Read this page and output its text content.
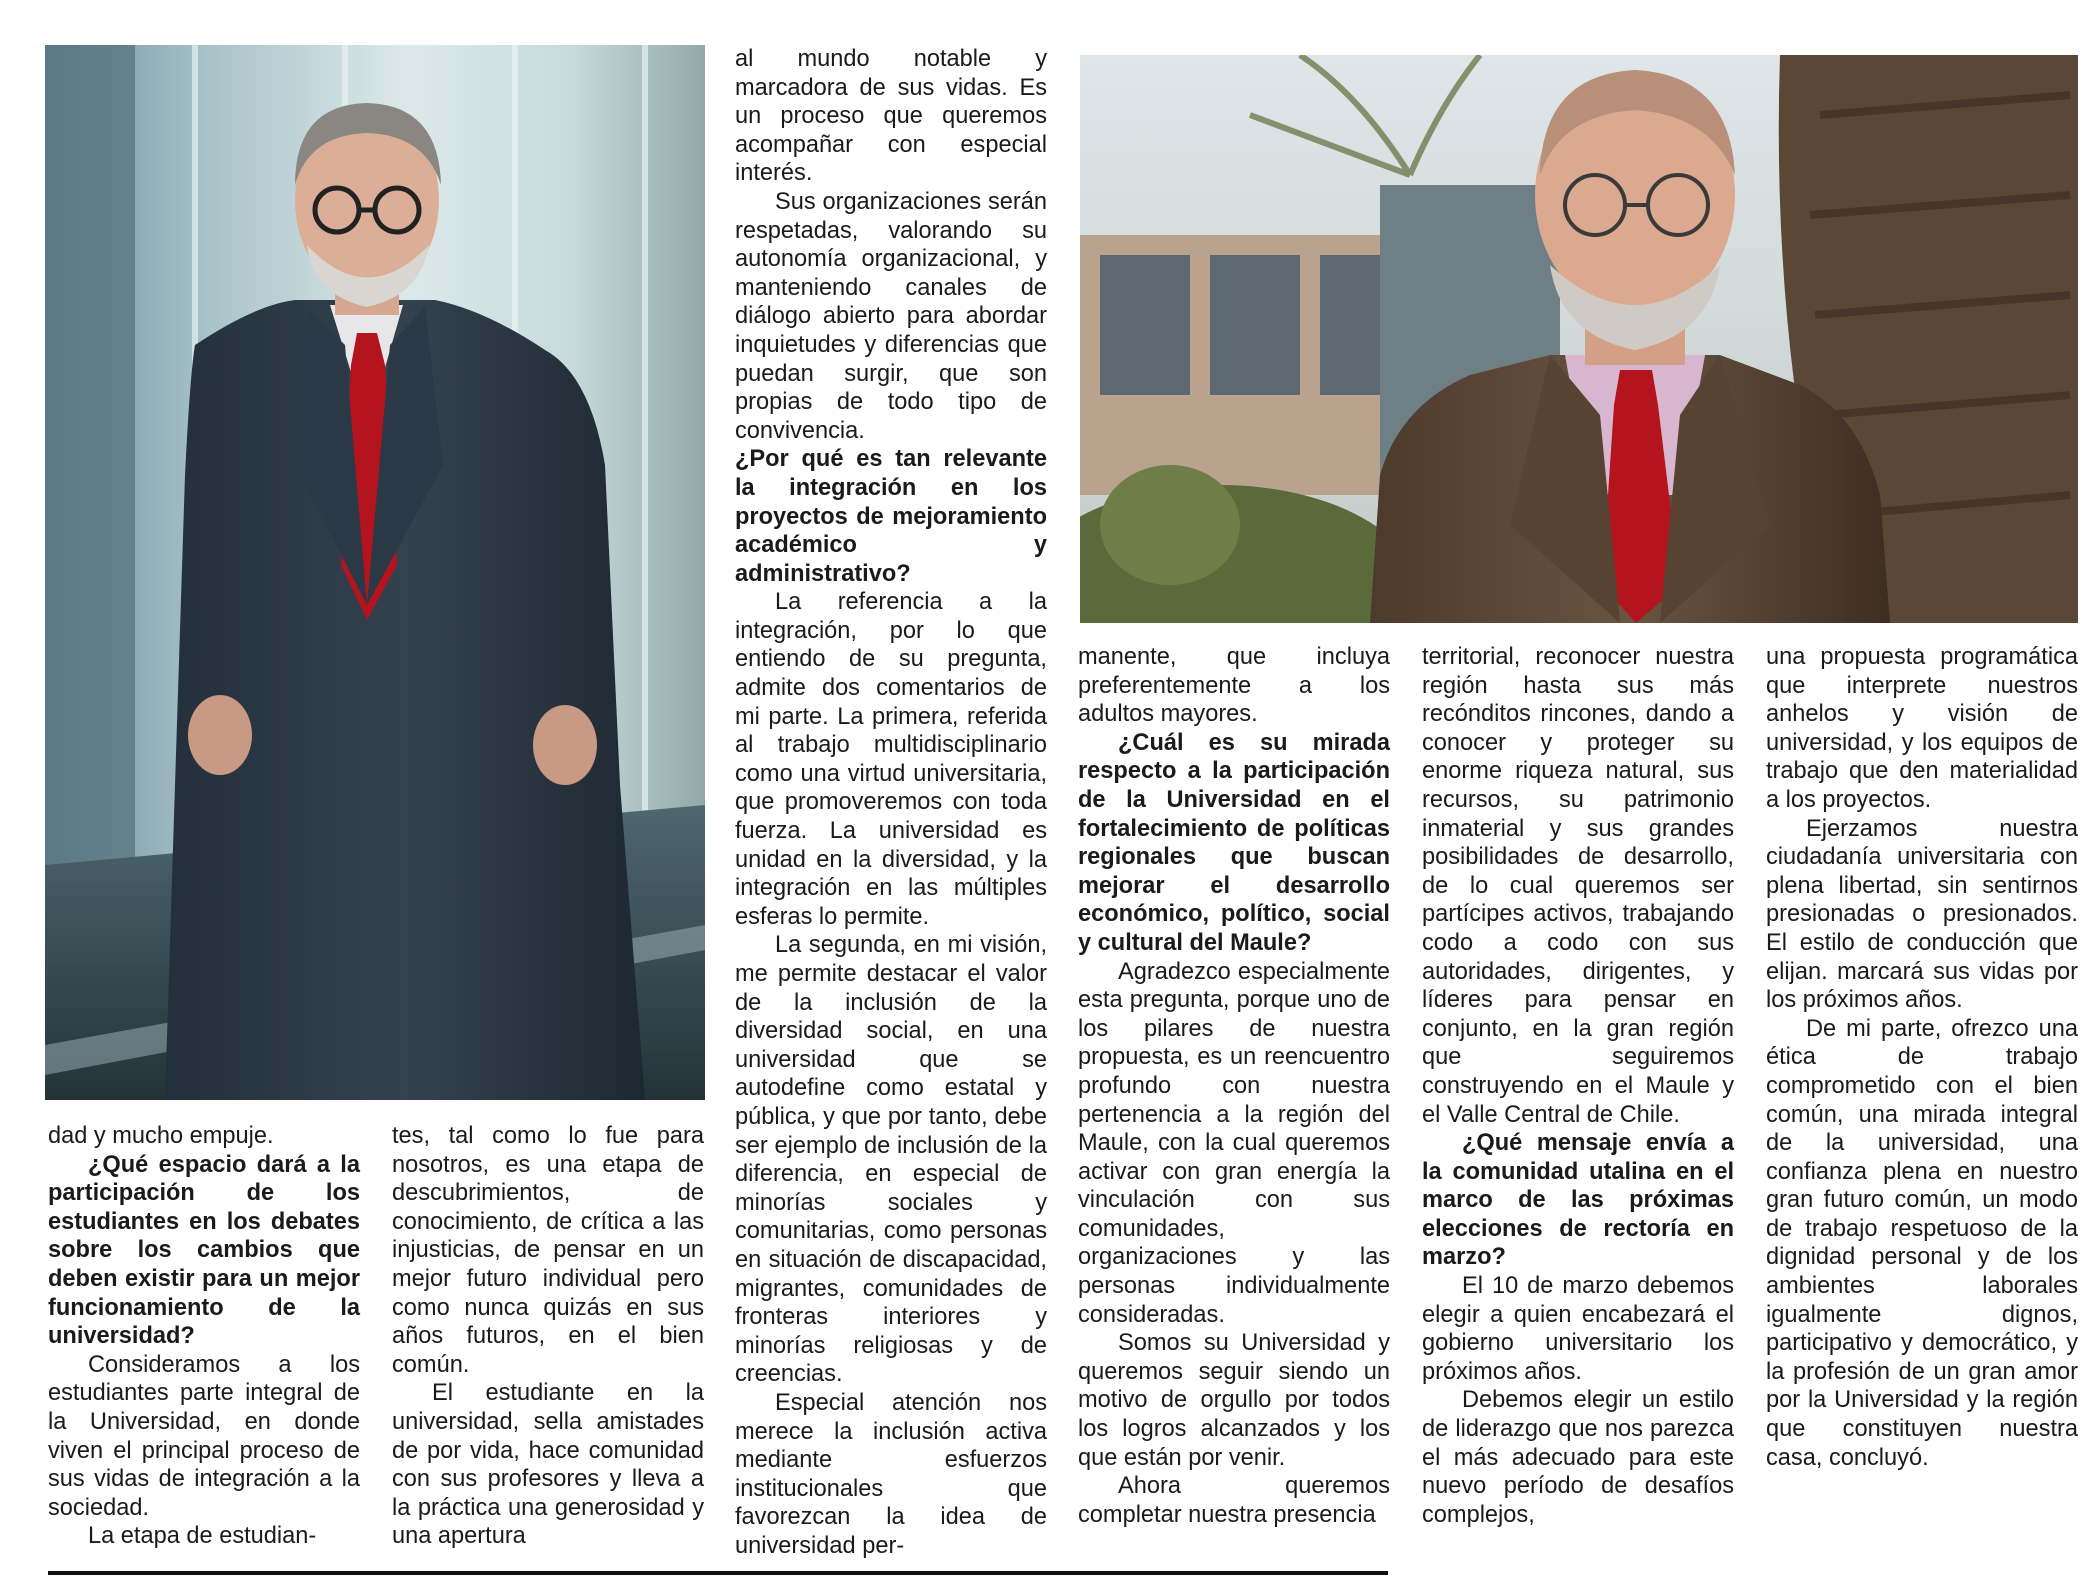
dad y mucho empuje.

¿Qué espacio dará a la participación de los estudiantes en los debates sobre los cambios que deben existir para un mejor funcionamiento de la universidad?

Consideramos a los estudiantes parte integral de la Universidad, en donde viven el principal proceso de sus vidas de integración a la sociedad.

La etapa de estudian-

tes, tal como lo fue para nosotros, es una etapa de descubrimientos, de conocimiento, de crítica a las injusticias, de pensar en un mejor futuro individual pero como nunca quizás en sus años futuros, en el bien común.

El estudiante en la universidad, sella amistades de por vida, hace comunidad con sus profesores y lleva a la práctica una generosidad y una apertura

al mundo notable y marcadora de sus vidas. Es un proceso que queremos acompañar con especial interés.

Sus organizaciones serán respetadas, valorando su autonomía organizacional, y manteniendo canales de diálogo abierto para abordar inquietudes y diferencias que puedan surgir, que son propias de todo tipo de convivencia.

¿Por qué es tan relevante la integración en los proyectos de mejoramiento académico y administrativo?

La referencia a la integración, por lo que entiendo de su pregunta, admite dos comentarios de mi parte. La primera, referida al trabajo multidisciplinario como una virtud universitaria, que promoveremos con toda fuerza. La universidad es unidad en la diversidad, y la integración en las múltiples esferas lo permite.

La segunda, en mi visión, me permite destacar el valor de la inclusión de la diversidad social, en una universidad que se autodefine como estatal y pública, y que por tanto, debe ser ejemplo de inclusión de la diferencia, en especial de minorías sociales y comunitarias, como personas en situación de discapacidad, migrantes, comunidades de fronteras interiores y minorías religiosas y de creencias.

Especial atención nos merece la inclusión activa mediante esfuerzos institucionales que favorezcan la idea de universidad per-

manente, que incluya preferentemente a los adultos mayores.

¿Cuál es su mirada respecto a la participación de la Universidad en el fortalecimiento de políticas regionales que buscan mejorar el desarrollo económico, político, social y cultural del Maule?

Agradezco especialmente esta pregunta, porque uno de los pilares de nuestra propuesta, es un reencuentro profundo con nuestra pertenencia a la región del Maule, con la cual queremos activar con gran energía la vinculación con sus comunidades, organizaciones y las personas individualmente consideradas.

Somos su Universidad y queremos seguir siendo un motivo de orgullo por todos los logros alcanzados y los que están por venir.

Ahora queremos completar nuestra presencia

territorial, reconocer nuestra región hasta sus más recónditos rincones, dando a conocer y proteger su enorme riqueza natural, sus recursos, su patrimonio inmaterial y sus grandes posibilidades de desarrollo, de lo cual queremos ser partícipes activos, trabajando codo a codo con sus autoridades, dirigentes, y líderes para pensar en conjunto, en la gran región que seguiremos construyendo en el Maule y el Valle Central de Chile.

¿Qué mensaje envía a la comunidad utalina en el marco de las próximas elecciones de rectoría en marzo?

El 10 de marzo debemos elegir a quien encabezará el gobierno universitario los próximos años.

Debemos elegir un estilo de liderazgo que nos parezca el más adecuado para este nuevo período de desafíos complejos,

una propuesta programática que interprete nuestros anhelos y visión de universidad, y los equipos de trabajo que den materialidad a los proyectos.

Ejerzamos nuestra ciudadanía universitaria con plena libertad, sin sentirnos presionadas o presionados. El estilo de conducción que elijan. marcará sus vidas por los próximos años.

De mi parte, ofrezco una ética de trabajo comprometido con el bien común, una mirada integral de la universidad, una confianza plena en nuestro gran futuro común, un modo de trabajo respetuoso de la dignidad personal y de los ambientes laborales igualmente dignos, participativo y democrático, y la profesión de un gran amor por la Universidad y la región que constituyen nuestra casa, concluyó.
